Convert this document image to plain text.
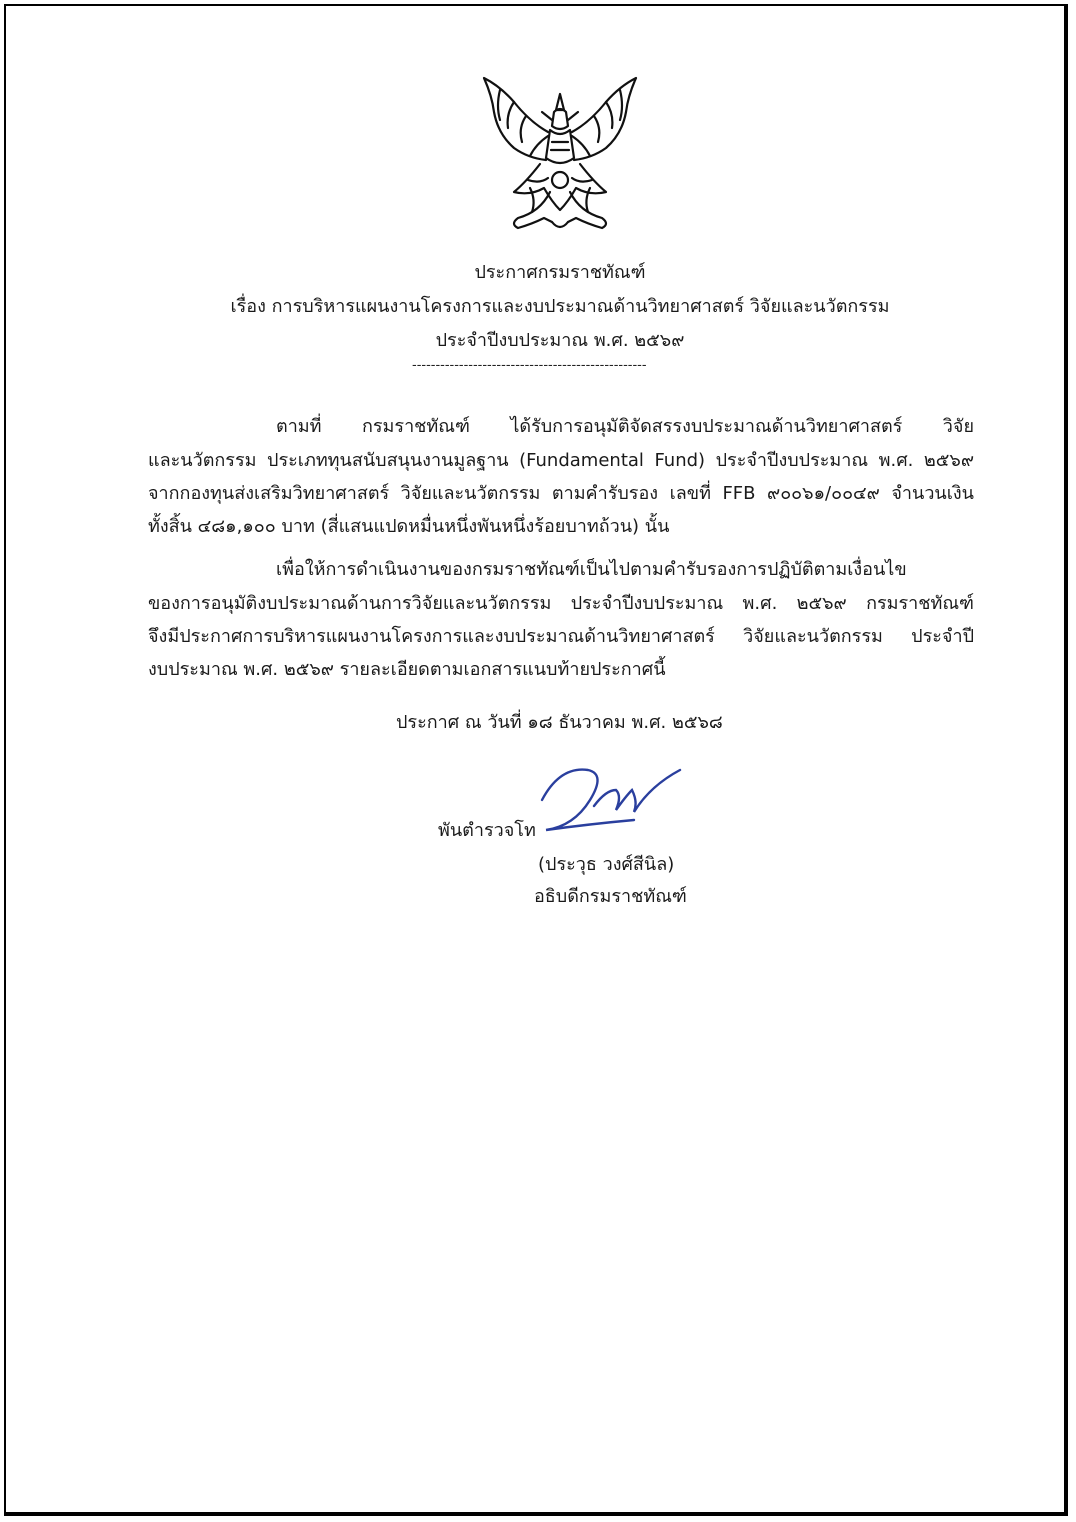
ประกาศกรมราชทัณฑ์
เรื่อง การบริหารแผนงานโครงการและงบประมาณด้านวิทยาศาสตร์ วิจัยและนวัตกรรม
ประจำปีงบประมาณ พ.ศ. ๒๕๖๙
--------------------------------------------------
ตามที่ กรมราชทัณฑ์ ได้รับการอนุมัติจัดสรรงบประมาณด้านวิทยาศาสตร์ วิจัย
และนวัตกรรม ประเภททุนสนับสนุนงานมูลฐาน (Fundamental Fund) ประจำปีงบประมาณ พ.ศ. ๒๕๖๙
จากกองทุนส่งเสริมวิทยาศาสตร์ วิจัยและนวัตกรรม ตามคำรับรอง เลขที่ FFB ๙๐๐๖๑/๐๐๔๙ จำนวนเงิน
ทั้งสิ้น ๔๘๑,๑๐๐ บาท (สี่แสนแปดหมื่นหนึ่งพันหนึ่งร้อยบาทถ้วน) นั้น
เพื่อให้การดำเนินงานของกรมราชทัณฑ์เป็นไปตามคำรับรองการปฏิบัติตามเงื่อนไข
ของการอนุมัติงบประมาณด้านการวิจัยและนวัตกรรม ประจำปีงบประมาณ พ.ศ. ๒๕๖๙ กรมราชทัณฑ์
จึงมีประกาศการบริหารแผนงานโครงการและงบประมาณด้านวิทยาศาสตร์ วิจัยและนวัตกรรม ประจำปี
งบประมาณ พ.ศ. ๒๕๖๙ รายละเอียดตามเอกสารแนบท้ายประกาศนี้
ประกาศ ณ วันที่ ๑๘ ธันวาคม พ.ศ. ๒๕๖๘
พันตำรวจโท
(ประวุธ วงศ์สีนิล)
อธิบดีกรมราชทัณฑ์
